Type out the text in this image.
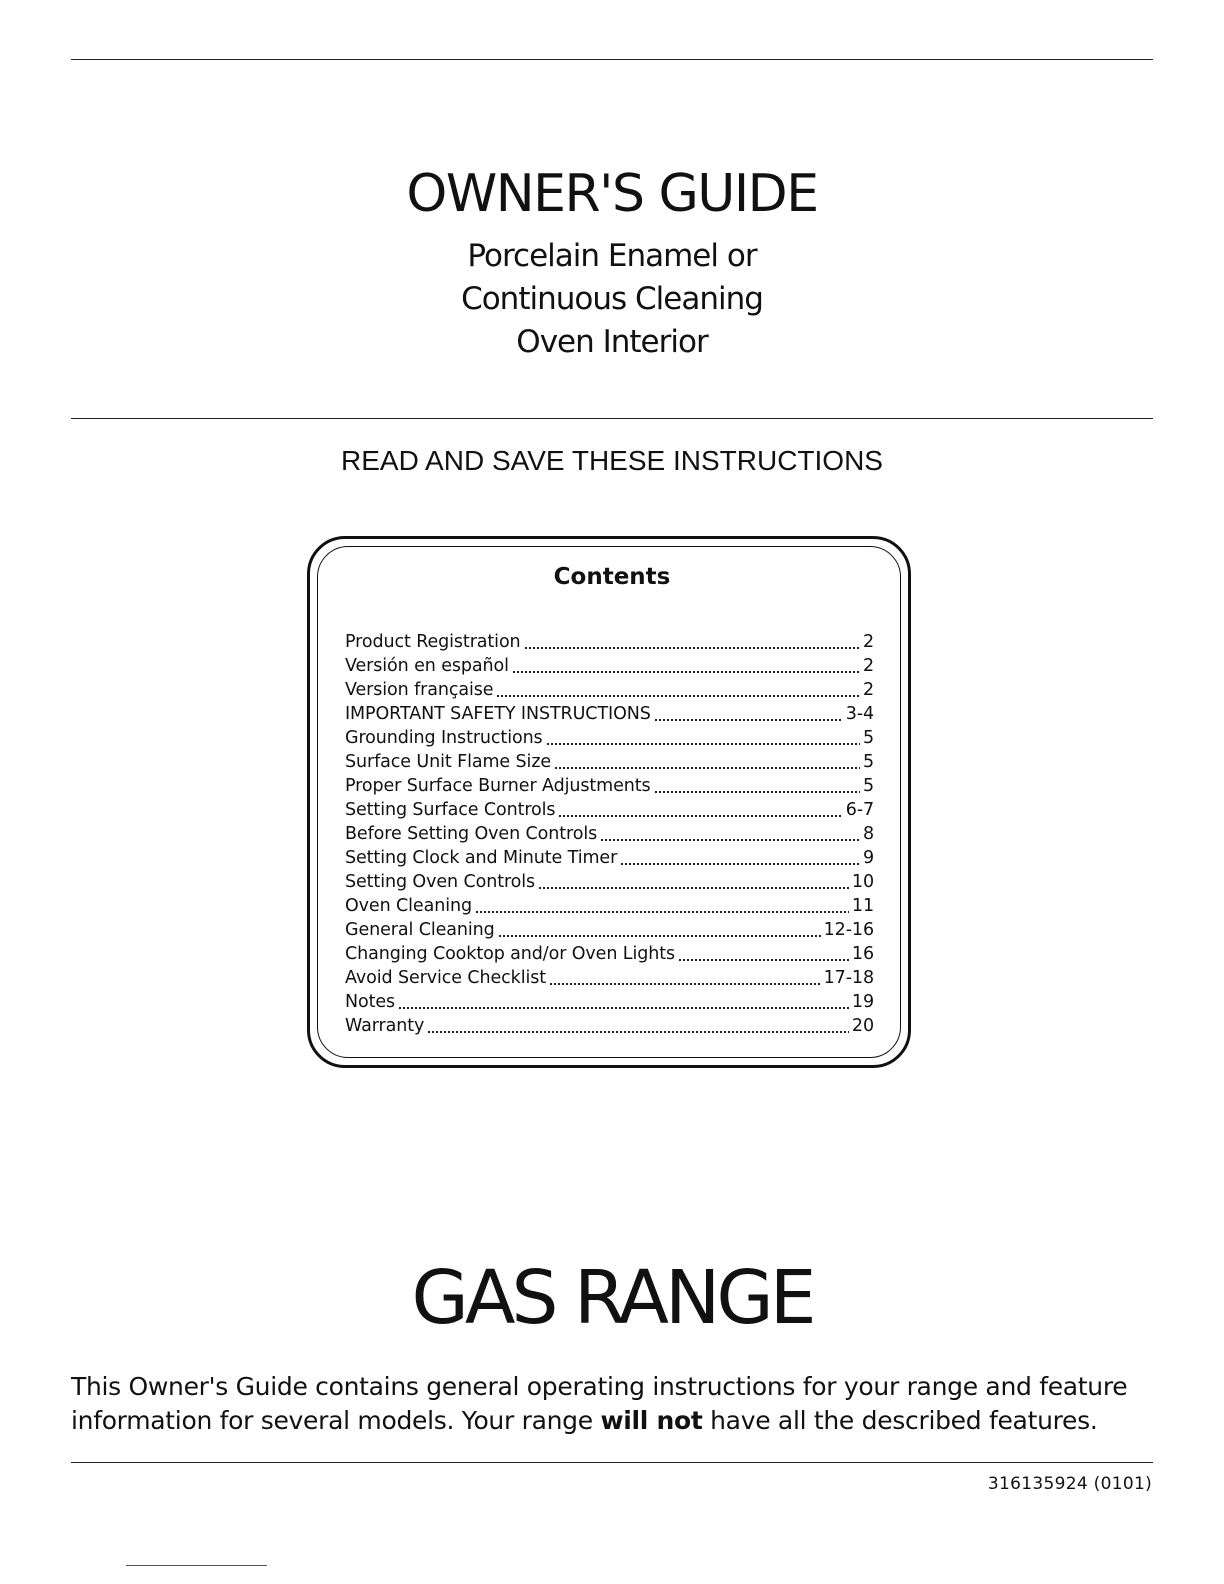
OWNER'S GUIDE
Porcelain Enamel or
Continuous Cleaning
Oven Interior
READ AND SAVE THESE INSTRUCTIONS
Contents
Product Registration	2
Versión en español	2
Version française	2
IMPORTANT SAFETY INSTRUCTIONS	3-4
Grounding Instructions	5
Surface Unit Flame Size	5
Proper Surface Burner Adjustments	5
Setting Surface Controls	6-7
Before Setting Oven Controls	8
Setting Clock and Minute Timer	9
Setting Oven Controls	10
Oven Cleaning	11
General Cleaning	12-16
Changing Cooktop and/or Oven Lights	16
Avoid Service Checklist	17-18
Notes	19
Warranty	20
GAS RANGE
This Owner's Guide contains general operating instructions for your range and feature information for several models. Your range will not have all the described features.
316135924 (0101)
